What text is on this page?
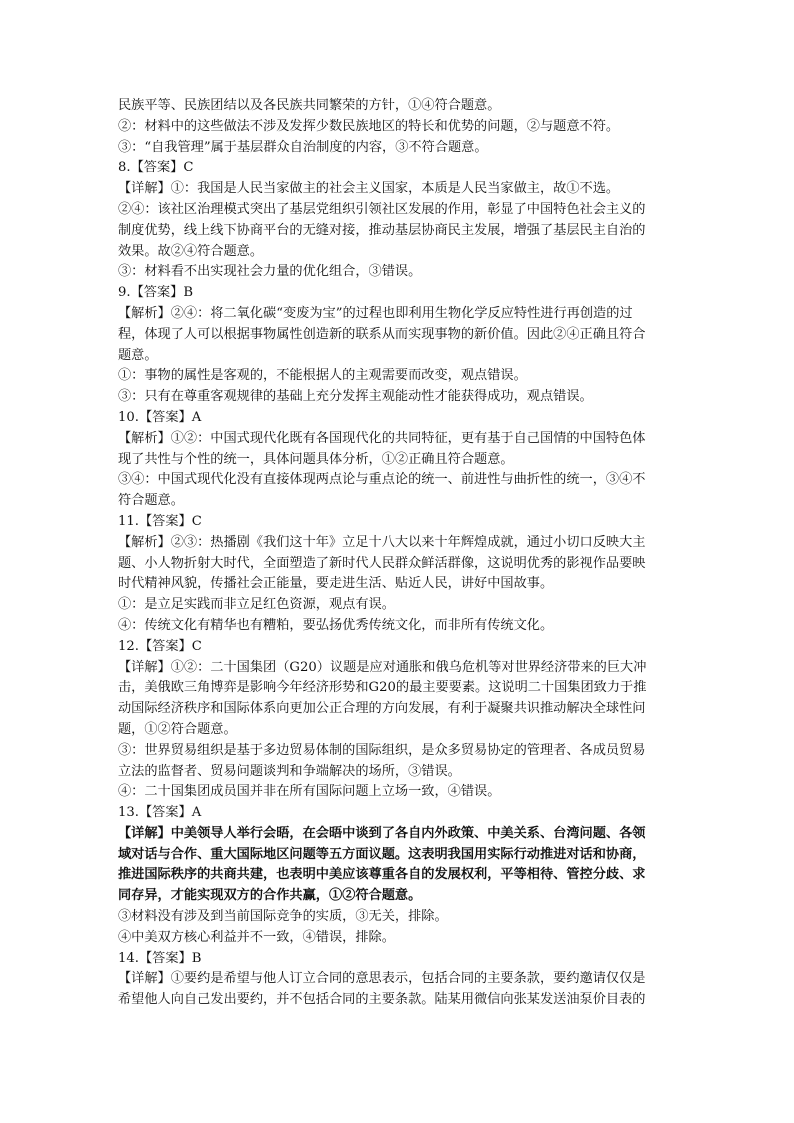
民族平等、民族团结以及各民族共同繁荣的方针，①④符合题意。
②：材料中的这些做法不涉及发挥少数民族地区的特长和优势的问题，②与题意不符。
③：“自我管理”属于基层群众自治制度的内容，③不符合题意。
8.【答案】C
【详解】①：我国是人民当家做主的社会主义国家，本质是人民当家做主，故①不选。
②④：该社区治理模式突出了基层党组织引领社区发展的作用，彰显了中国特色社会主义的
制度优势，线上线下协商平台的无缝对接，推动基层协商民主发展，增强了基层民主自治的
效果。故②④符合题意。
③：材料看不出实现社会力量的优化组合，③错误。
9.【答案】B
【解析】②④：将二氧化碳“变废为宝”的过程也即利用生物化学反应特性进行再创造的过
程，体现了人可以根据事物属性创造新的联系从而实现事物的新价值。因此②④正确且符合
题意。
①：事物的属性是客观的，不能根据人的主观需要而改变，观点错误。
③：只有在尊重客观规律的基础上充分发挥主观能动性才能获得成功，观点错误。
10.【答案】A
【解析】①②：中国式现代化既有各国现代化的共同特征，更有基于自己国情的中国特色体
现了共性与个性的统一，具体问题具体分析，①②正确且符合题意。
③④：中国式现代化没有直接体现两点论与重点论的统一、前进性与曲折性的统一，③④不
符合题意。
11.【答案】C
【解析】②③：热播剧《我们这十年》立足十八大以来十年辉煌成就，通过小切口反映大主
题、小人物折射大时代，全面塑造了新时代人民群众鲜活群像，这说明优秀的影视作品要映
时代精神风貌，传播社会正能量，要走进生活、贴近人民，讲好中国故事。
①：是立足实践而非立足红色资源，观点有误。
④：传统文化有精华也有糟粕，要弘扬优秀传统文化，而非所有传统文化。
12.【答案】C
【详解】①②：二十国集团（G20）议题是应对通胀和俄乌危机等对世界经济带来的巨大冲
击，美俄欧三角博弈是影响今年经济形势和G20的最主要要素。这说明二十国集团致力于推
动国际经济秩序和国际体系向更加公正合理的方向发展，有利于凝聚共识推动解决全球性问
题，①②符合题意。
③：世界贸易组织是基于多边贸易体制的国际组织，是众多贸易协定的管理者、各成员贸易
立法的监督者、贸易问题谈判和争端解决的场所，③错误。
④：二十国集团成员国并非在所有国际问题上立场一致，④错误。
13.【答案】A
【详解】中美领导人举行会晤，在会晤中谈到了各自内外政策、中美关系、台湾问题、各领
域对话与合作、重大国际地区问题等五方面议题。这表明我国用实际行动推进对话和协商，
推进国际秩序的共商共建，也表明中美应该尊重各自的发展权利，平等相待、管控分歧、求
同存异，才能实现双方的合作共赢，①②符合题意。
③材料没有涉及到当前国际竞争的实质，③无关，排除。
④中美双方核心利益并不一致，④错误，排除。
14.【答案】B
【详解】①要约是希望与他人订立合同的意思表示，包括合同的主要条款，要约邀请仅仅是
希望他人向自己发出要约，并不包括合同的主要条款。陆某用微信向张某发送油泵价目表的
